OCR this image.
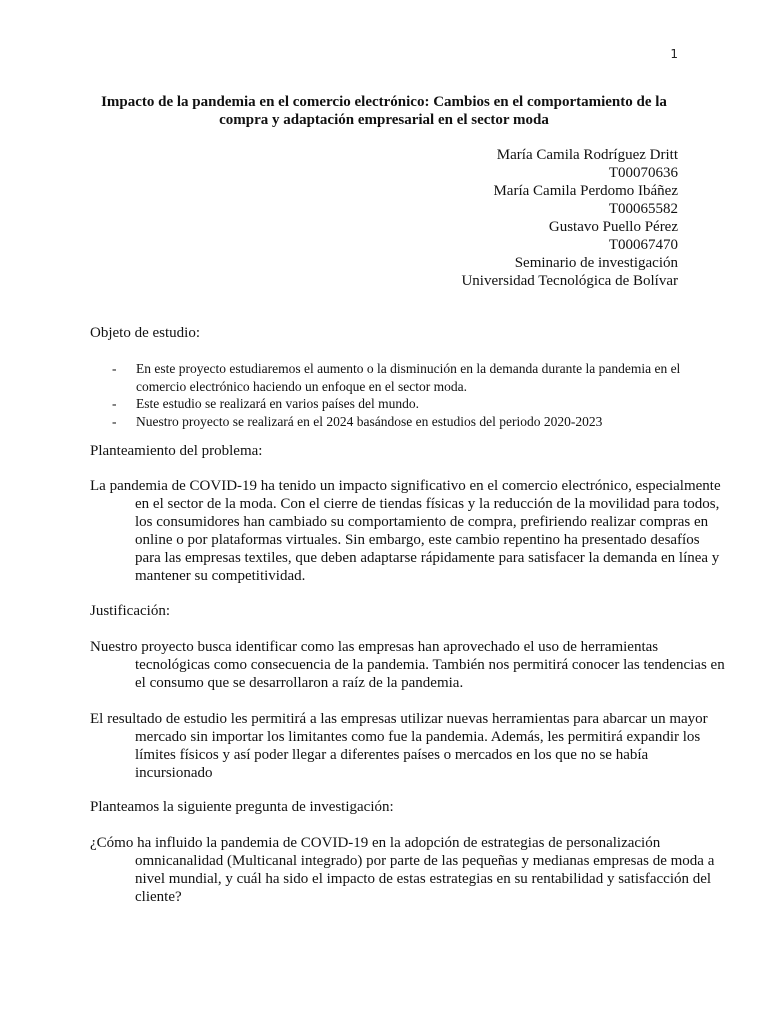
1
Impacto de la pandemia en el comercio electrónico: Cambios en el comportamiento de la compra y adaptación empresarial en el sector moda
María Camila Rodríguez Dritt
T00070636
María Camila Perdomo Ibáñez
T00065582
Gustavo Puello Pérez
T00067470
Seminario de investigación
Universidad Tecnológica de Bolívar
Objeto de estudio:
- En este proyecto estudiaremos el aumento o la disminución en la demanda durante la pandemia en el comercio electrónico haciendo un enfoque en el sector moda.
- Este estudio se realizará en varios países del mundo.
- Nuestro proyecto se realizará en el 2024 basándose en estudios del periodo 2020-2023
Planteamiento del problema:

La pandemia de COVID-19 ha tenido un impacto significativo en el comercio electrónico, especialmente en el sector de la moda. Con el cierre de tiendas físicas y la reducción de la movilidad para todos, los consumidores han cambiado su comportamiento de compra, prefiriendo realizar compras en online o por plataformas virtuales. Sin embargo, este cambio repentino ha presentado desafíos para las empresas textiles, que deben adaptarse rápidamente para satisfacer la demanda en línea y mantener su competitividad.

Justificación:

Nuestro proyecto busca identificar como las empresas han aprovechado el uso de herramientas tecnológicas como consecuencia de la pandemia. También nos permitirá conocer las tendencias en el consumo que se desarrollaron a raíz de la pandemia.

El resultado de estudio les permitirá a las empresas utilizar nuevas herramientas para abarcar un mayor mercado sin importar los limitantes como fue la pandemia. Además, les permitirá expandir los límites físicos y así poder llegar a diferentes países o mercados en los que no se había incursionado

Planteamos la siguiente pregunta de investigación:

¿Cómo ha influido la pandemia de COVID-19 en la adopción de estrategias de personalización omnicanalidad (Multicanal integrado) por parte de las pequeñas y medianas empresas de moda a nivel mundial, y cuál ha sido el impacto de estas estrategias en su rentabilidad y satisfacción del cliente?
